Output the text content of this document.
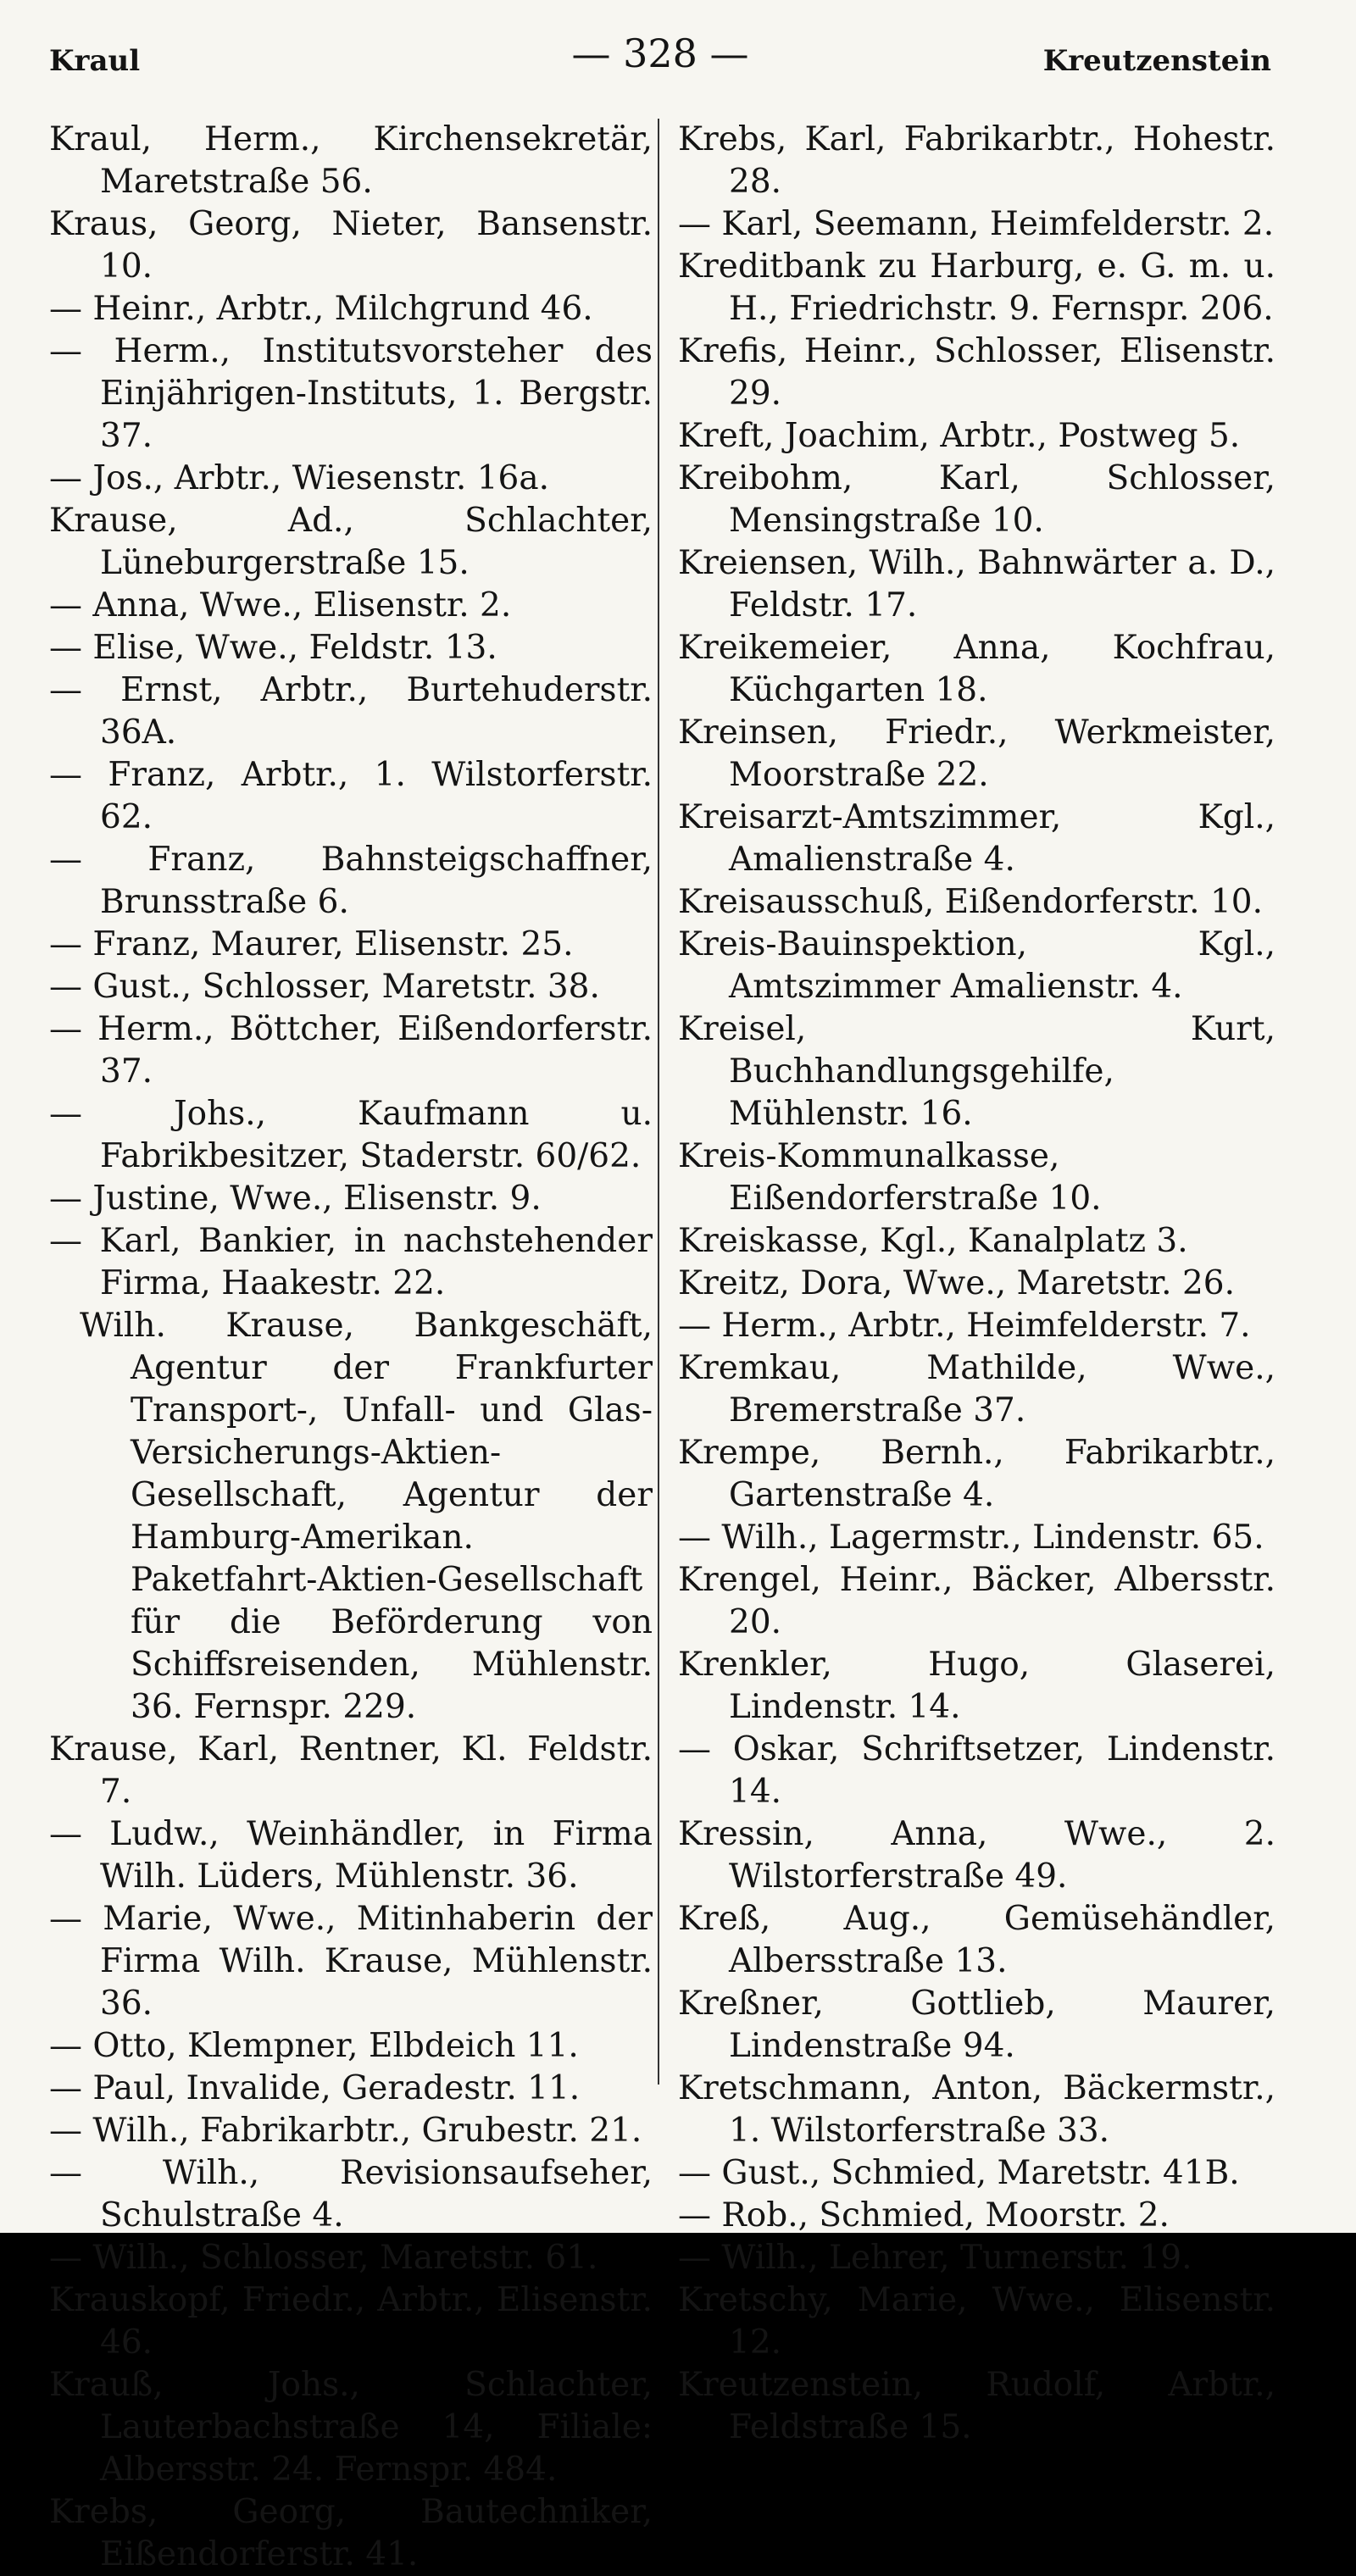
Kraul	— 328 —	Kreutzenstein

Kraul, Herm., Kirchensekretär, Maretstraße 56.

Kraus, Georg, Nieter, Bansenstr. 10.

— Heinr., Arbtr., Milchgrund 46.

— Herm., Institutsvorsteher des Einjährigen-Instituts, 1. Bergstr. 37.

— Jos., Arbtr., Wiesenstr. 16a.

Krause, Ad., Schlachter, Lüneburgerstraße 15.

— Anna, Wwe., Elisenstr. 2.

— Elise, Wwe., Feldstr. 13.

— Ernst, Arbtr., Burtehuderstr. 36A.

— Franz, Arbtr., 1. Wilstorferstr. 62.

— Franz, Bahnsteigschaffner, Brunsstraße 6.

— Franz, Maurer, Elisenstr. 25.

— Gust., Schlosser, Maretstr. 38.

— Herm., Böttcher, Eißendorferstr. 37.

— Johs., Kaufmann u. Fabrikbesitzer, Staderstr. 60/62.

— Justine, Wwe., Elisenstr. 9.

— Karl, Bankier, in nachstehender Firma, Haakestr. 22.

Wilh. Krause, Bankgeschäft, Agentur der Frankfurter Transport-, Unfall- und Glas-Versicherungs-Aktien-Gesellschaft, Agentur der Hamburg-Amerikan. Paketfahrt-Aktien-Gesellschaft für die Beförderung von Schiffsreisenden, Mühlenstr. 36. Fernspr. 229.

Krause, Karl, Rentner, Kl. Feldstr. 7.

— Ludw., Weinhändler, in Firma Wilh. Lüders, Mühlenstr. 36.

— Marie, Wwe., Mitinhaberin der Firma Wilh. Krause, Mühlenstr. 36.

— Otto, Klempner, Elbdeich 11.

— Paul, Invalide, Geradestr. 11.

— Wilh., Fabrikarbtr., Grubestr. 21.

— Wilh., Revisionsaufseher, Schulstraße 4.

— Wilh., Schlosser, Maretstr. 61.

Krauskopf, Friedr., Arbtr., Elisenstr. 46.

Krauß, Johs., Schlachter, Lauterbachstraße 14, Filiale: Albersstr. 24. Fernspr. 484.

Krebs, Georg, Bautechniker, Eißendorferstr. 41.

Krebs, Karl, Fabrikarbtr., Hohestr. 28.

— Karl, Seemann, Heimfelderstr. 2.

Kreditbank zu Harburg, e. G. m. u. H., Friedrichstr. 9. Fernspr. 206.

Krefis, Heinr., Schlosser, Elisenstr. 29.

Kreft, Joachim, Arbtr., Postweg 5.

Kreibohm, Karl, Schlosser, Mensingstraße 10.

Kreiensen, Wilh., Bahnwärter a. D., Feldstr. 17.

Kreikemeier, Anna, Kochfrau, Küchgarten 18.

Kreinsen, Friedr., Werkmeister, Moorstraße 22.

Kreisarzt-Amtszimmer, Kgl., Amalienstraße 4.

Kreisausschuß, Eißendorferstr. 10.

Kreis-Bauinspektion, Kgl., Amtszimmer Amalienstr. 4.

Kreisel, Kurt, Buchhandlungsgehilfe, Mühlenstr. 16.

Kreis-Kommunalkasse, Eißendorferstraße 10.

Kreiskasse, Kgl., Kanalplatz 3.

Kreitz, Dora, Wwe., Maretstr. 26.

— Herm., Arbtr., Heimfelderstr. 7.

Kremkau, Mathilde, Wwe., Bremerstraße 37.

Krempe, Bernh., Fabrikarbtr., Gartenstraße 4.

— Wilh., Lagermstr., Lindenstr. 65.

Krengel, Heinr., Bäcker, Albersstr. 20.

Krenkler, Hugo, Glaserei, Lindenstr. 14.

— Oskar, Schriftsetzer, Lindenstr. 14.

Kressin, Anna, Wwe., 2. Wilstorferstraße 49.

Kreß, Aug., Gemüsehändler, Albersstraße 13.

Kreßner, Gottlieb, Maurer, Lindenstraße 94.

Kretschmann, Anton, Bäckermstr., 1. Wilstorferstraße 33.

— Gust., Schmied, Maretstr. 41B.

— Rob., Schmied, Moorstr. 2.

— Wilh., Lehrer, Turnerstr. 19.

Kretschy, Marie, Wwe., Elisenstr. 12.

Kreutzenstein, Rudolf, Arbtr., Feldstraße 15.
